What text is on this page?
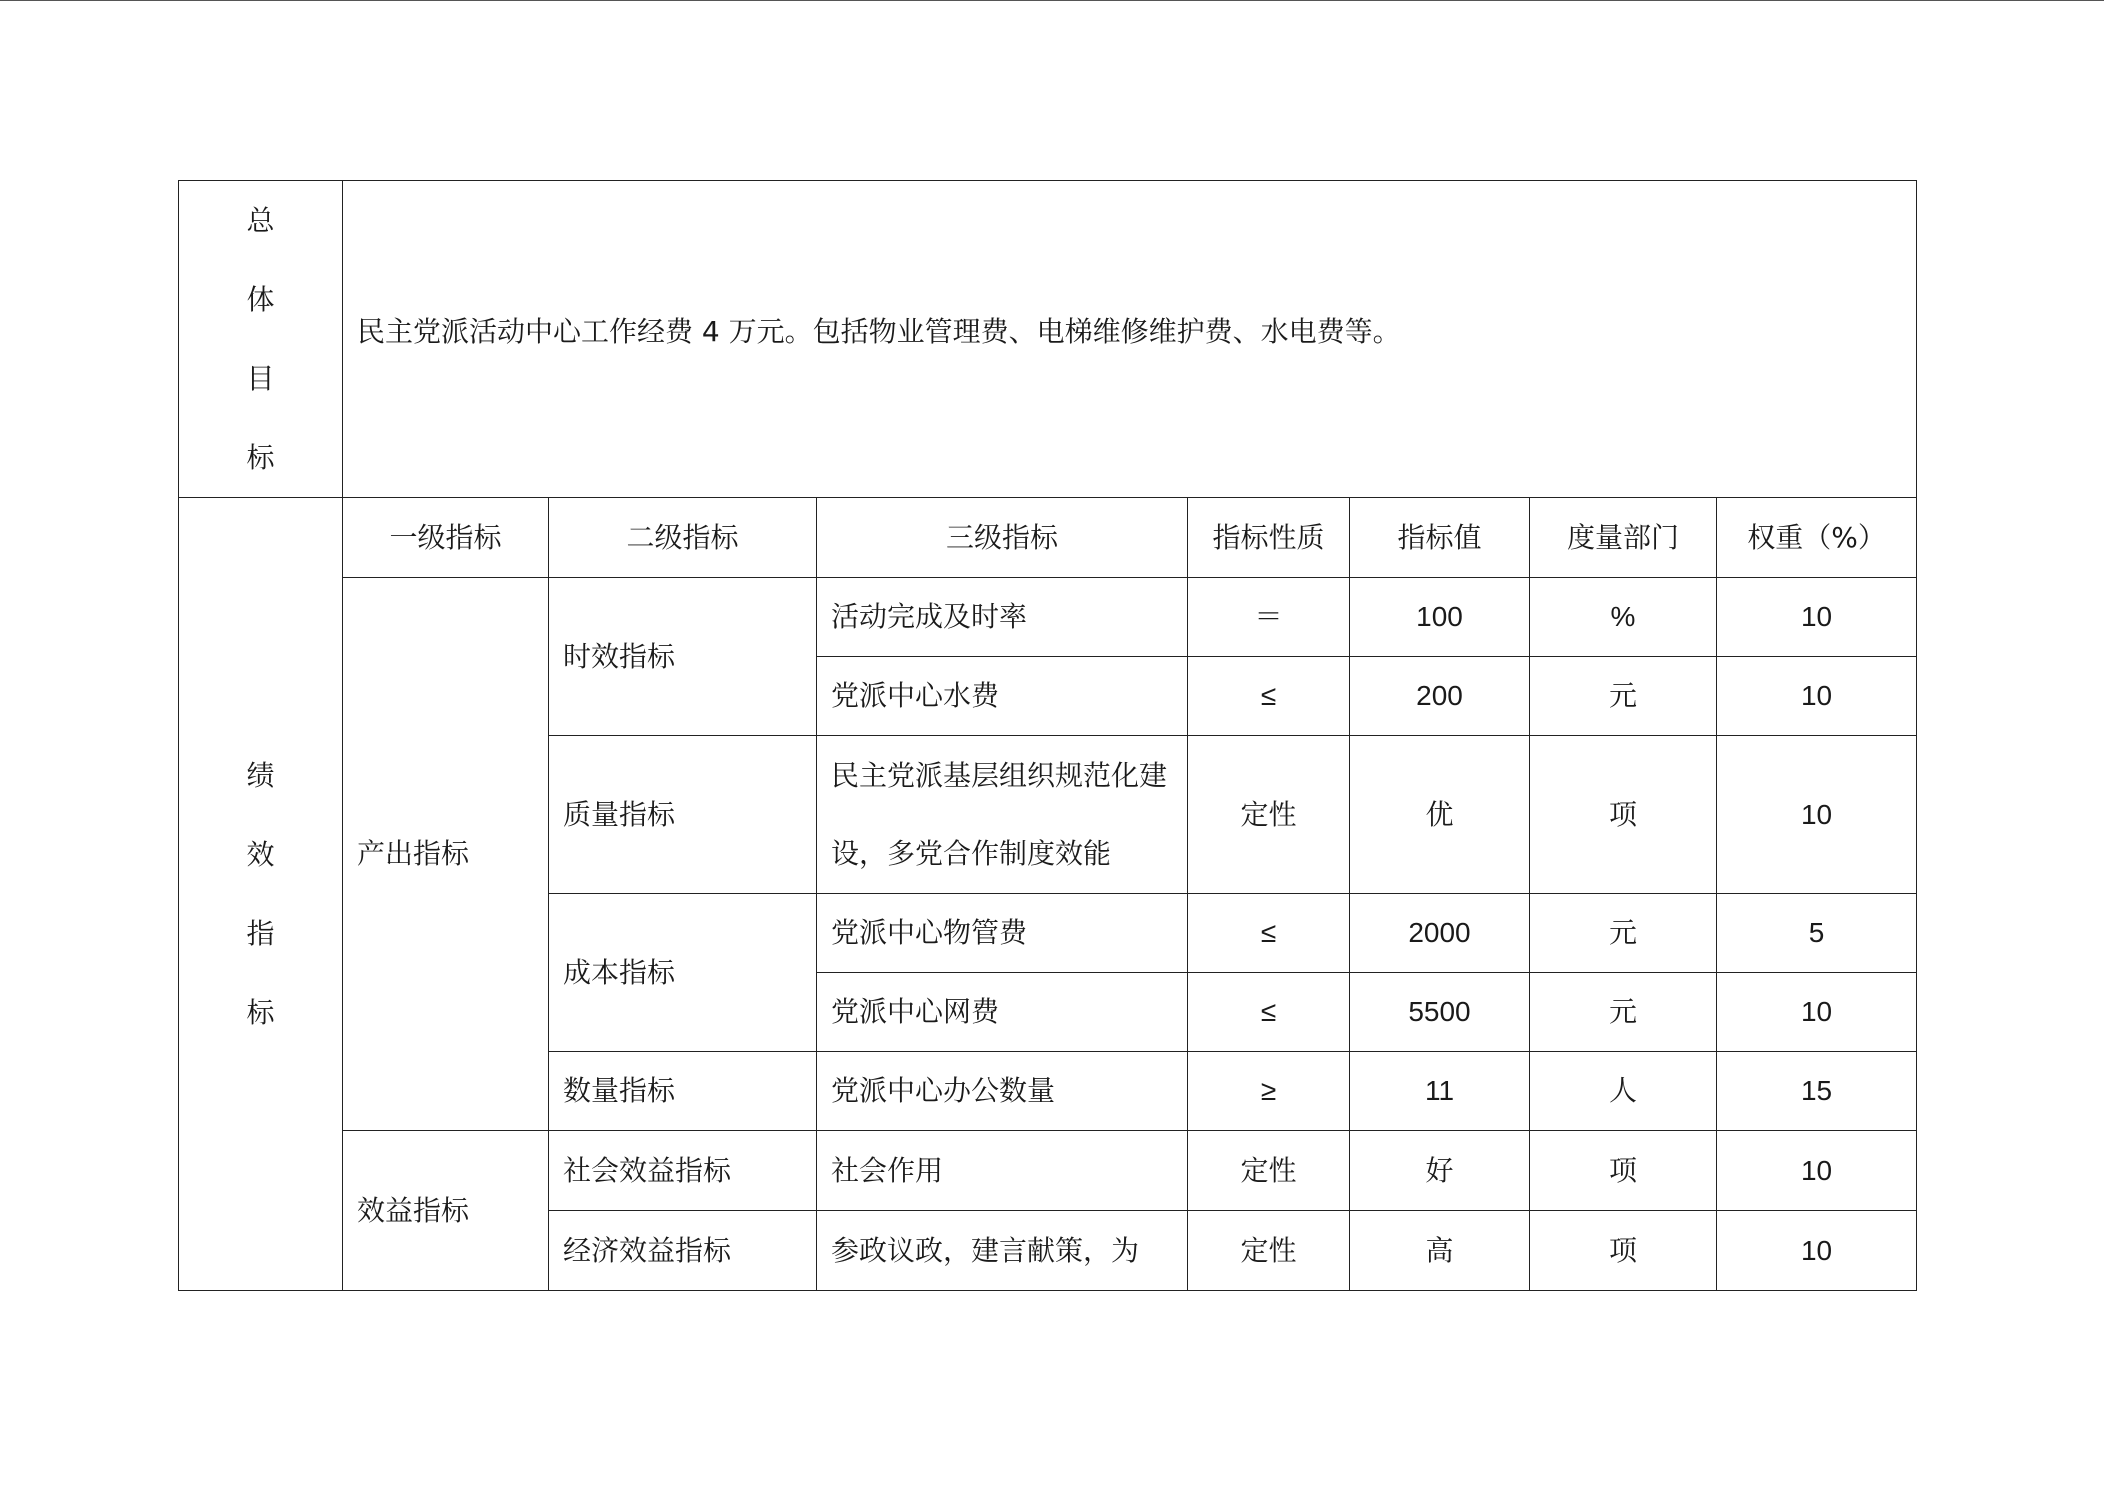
总
体
目
标	民主党派活动中心工作经费 4 万元。包括物业管理费、电梯维修维护费、水电费等。						

绩
效
指
标	一级指标	二级指标	三级指标	指标性质	指标值	度量部门	权重（%）
	产出指标	时效指标	活动完成及时率	＝	100	%	10
			党派中心水费	≤	200	元	10
		质量指标	民主党派基层组织规范化建设，多党合作制度效能	定性	优	项	10
		成本指标	党派中心物管费	≤	2000	元	5
			党派中心网费	≤	5500	元	10
		数量指标	党派中心办公数量	≥	11	人	15
	效益指标	社会效益指标	社会作用	定性	好	项	10
		经济效益指标	参政议政，建言献策，为	定性	高	项	10
